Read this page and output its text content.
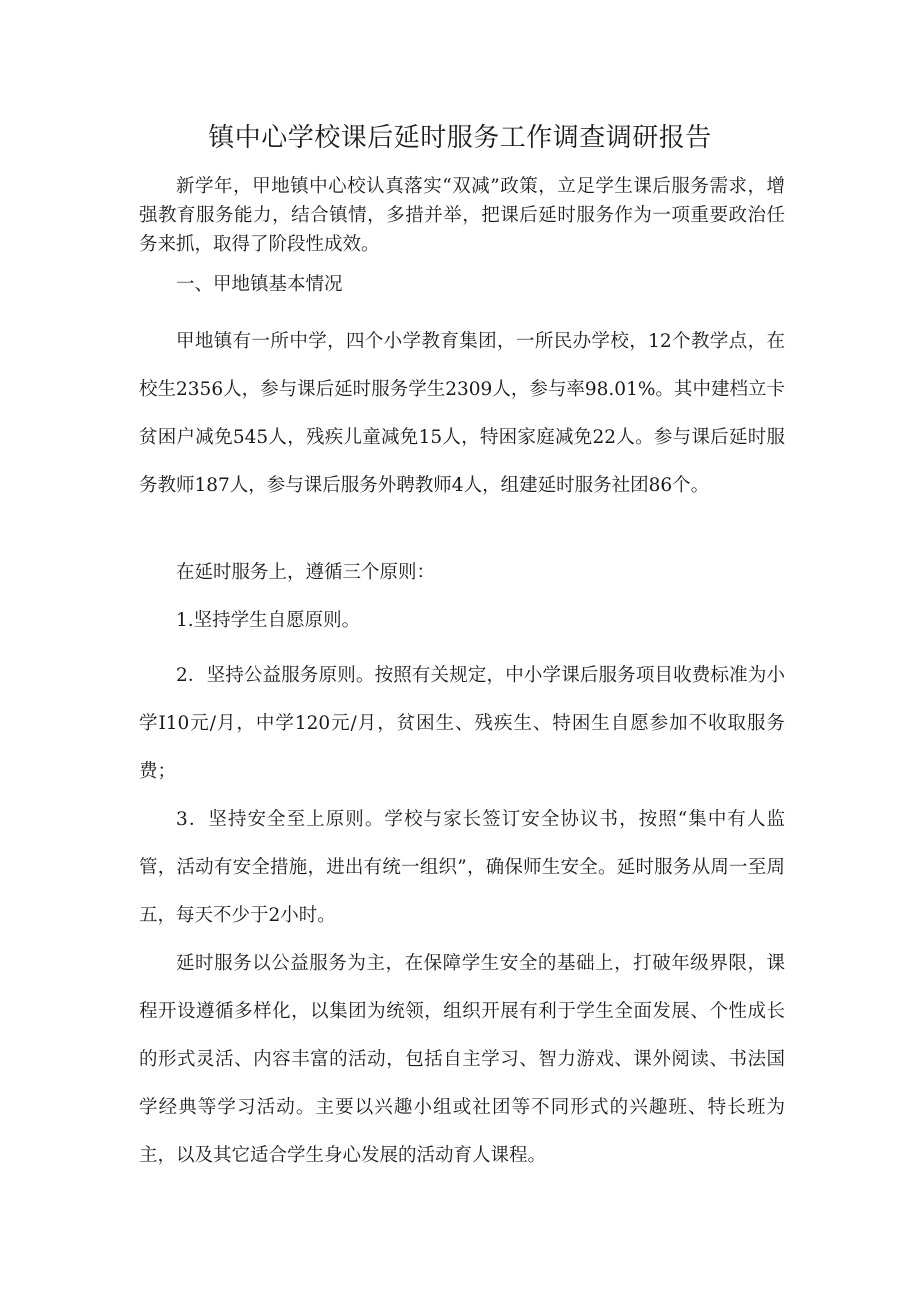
镇中心学校课后延时服务工作调查调研报告

新学年，甲地镇中心校认真落实“双减”政策，立足学生课后服务需求，增强教育服务能力，结合镇情，多措并举，把课后延时服务作为一项重要政治任务来抓，取得了阶段性成效。

一、甲地镇基本情况

甲地镇有一所中学，四个小学教育集团，一所民办学校，12个教学点，在校生2356人，参与课后延时服务学生2309人，参与率98.01%。其中建档立卡贫困户减免545人，残疾儿童减免15人，特困家庭减免22人。参与课后延时服务教师187人，参与课后服务外聘教师4人，组建延时服务社团86个。

在延时服务上，遵循三个原则：

1.坚持学生自愿原则。

2．坚持公益服务原则。按照有关规定，中小学课后服务项目收费标准为小学I10元/月，中学120元/月，贫困生、残疾生、特困生自愿参加不收取服务费；

3．坚持安全至上原则。学校与家长签订安全协议书，按照“集中有人监管，活动有安全措施，进出有统一组织”，确保师生安全。延时服务从周一至周五，每天不少于2小时。

延时服务以公益服务为主，在保障学生安全的基础上，打破年级界限，课程开设遵循多样化，以集团为统领，组织开展有利于学生全面发展、个性成长的形式灵活、内容丰富的活动，包括自主学习、智力游戏、课外阅读、书法国学经典等学习活动。主要以兴趣小组或社团等不同形式的兴趣班、特长班为主，以及其它适合学生身心发展的活动育人课程。
